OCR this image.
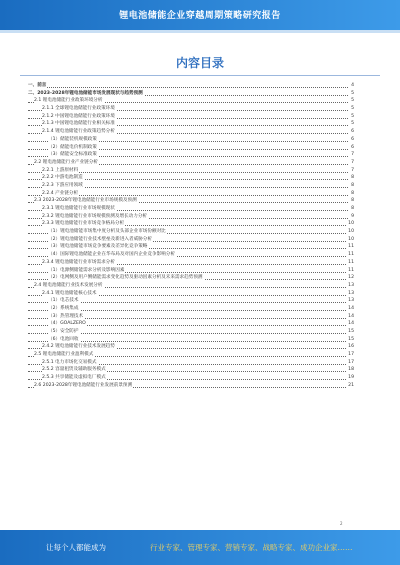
锂电池储能企业穿越周期策略研究报告
内容目录
一、前言	4
二、2023-2028年锂电池储能市场发展现状与趋势预测	5
2.1 锂电池储能行业政策环境分析	5
2.1.1 全球锂电池储能行业政策环境	5
2.1.2 中国锂电池储能行业政策环境	5
2.1.3 中国锂电池储能行业相关标准	5
2.1.4 锂电池储能行业政策趋势分析	6
（1）储能装机规模政策	6
（2）储能电价机制政策	6
（3）储能安全标准政策	7
2.2 锂电池储能行业产业链分析	7
2.2.1 上游原材料	7
2.2.2 中游电池制造	8
2.2.3 下游应用领域	8
2.2.4 产业链分析	8
2.3 2023-2028年锂电池储能行业市场规模及预测	8
2.3.1 锂电池储能行业市场规模现状	8
2.3.2 锂电池储能行业市场规模预测及增长动力分析	9
2.3.3 锂电池储能行业市场竞争格局分析	10
（1）锂电池储能市场集中度分析及头部企业市场份额对比	10
（2）锂电池储能行业技术壁垒及新进入者威胁分析	10
（3）锂电池储能市场竞争要素及差异化竞争策略	11
（4）国际锂电池储能企业在华布局及对国内企业竞争影响分析	11
2.3.4 锂电池储能行业市场需求分析	11
（1）电源侧储能需求分析及影响因素	11
（2）电网侧及用户侧储能需求变化趋势及驱动因素分析及未来需求趋势预测	12
2.4 锂电池储能行业技术发展分析	13
2.4.1 锂电池储能核心技术	13
（1）电芯技术	13
（2）系统集成	14
（3）热管理技术	14
（4）GOALZERO	14
（5）安全防护	15
（6）电池回收	15
2.4.2 锂电池储能行业技术发展趋势	16
2.5 锂电池储能行业盈利模式	17
2.5.1 电力市场化交易模式	17
2.5.2 容量租赁及辅助服务模式	18
2.5.3 共享储能及虚拟电厂模式	19
2.6 2023-2028年锂电池储能行业发展前景预测	21
2
让每个人都能成为	行业专家、管理专家、营销专家、战略专家、成功企业家……
